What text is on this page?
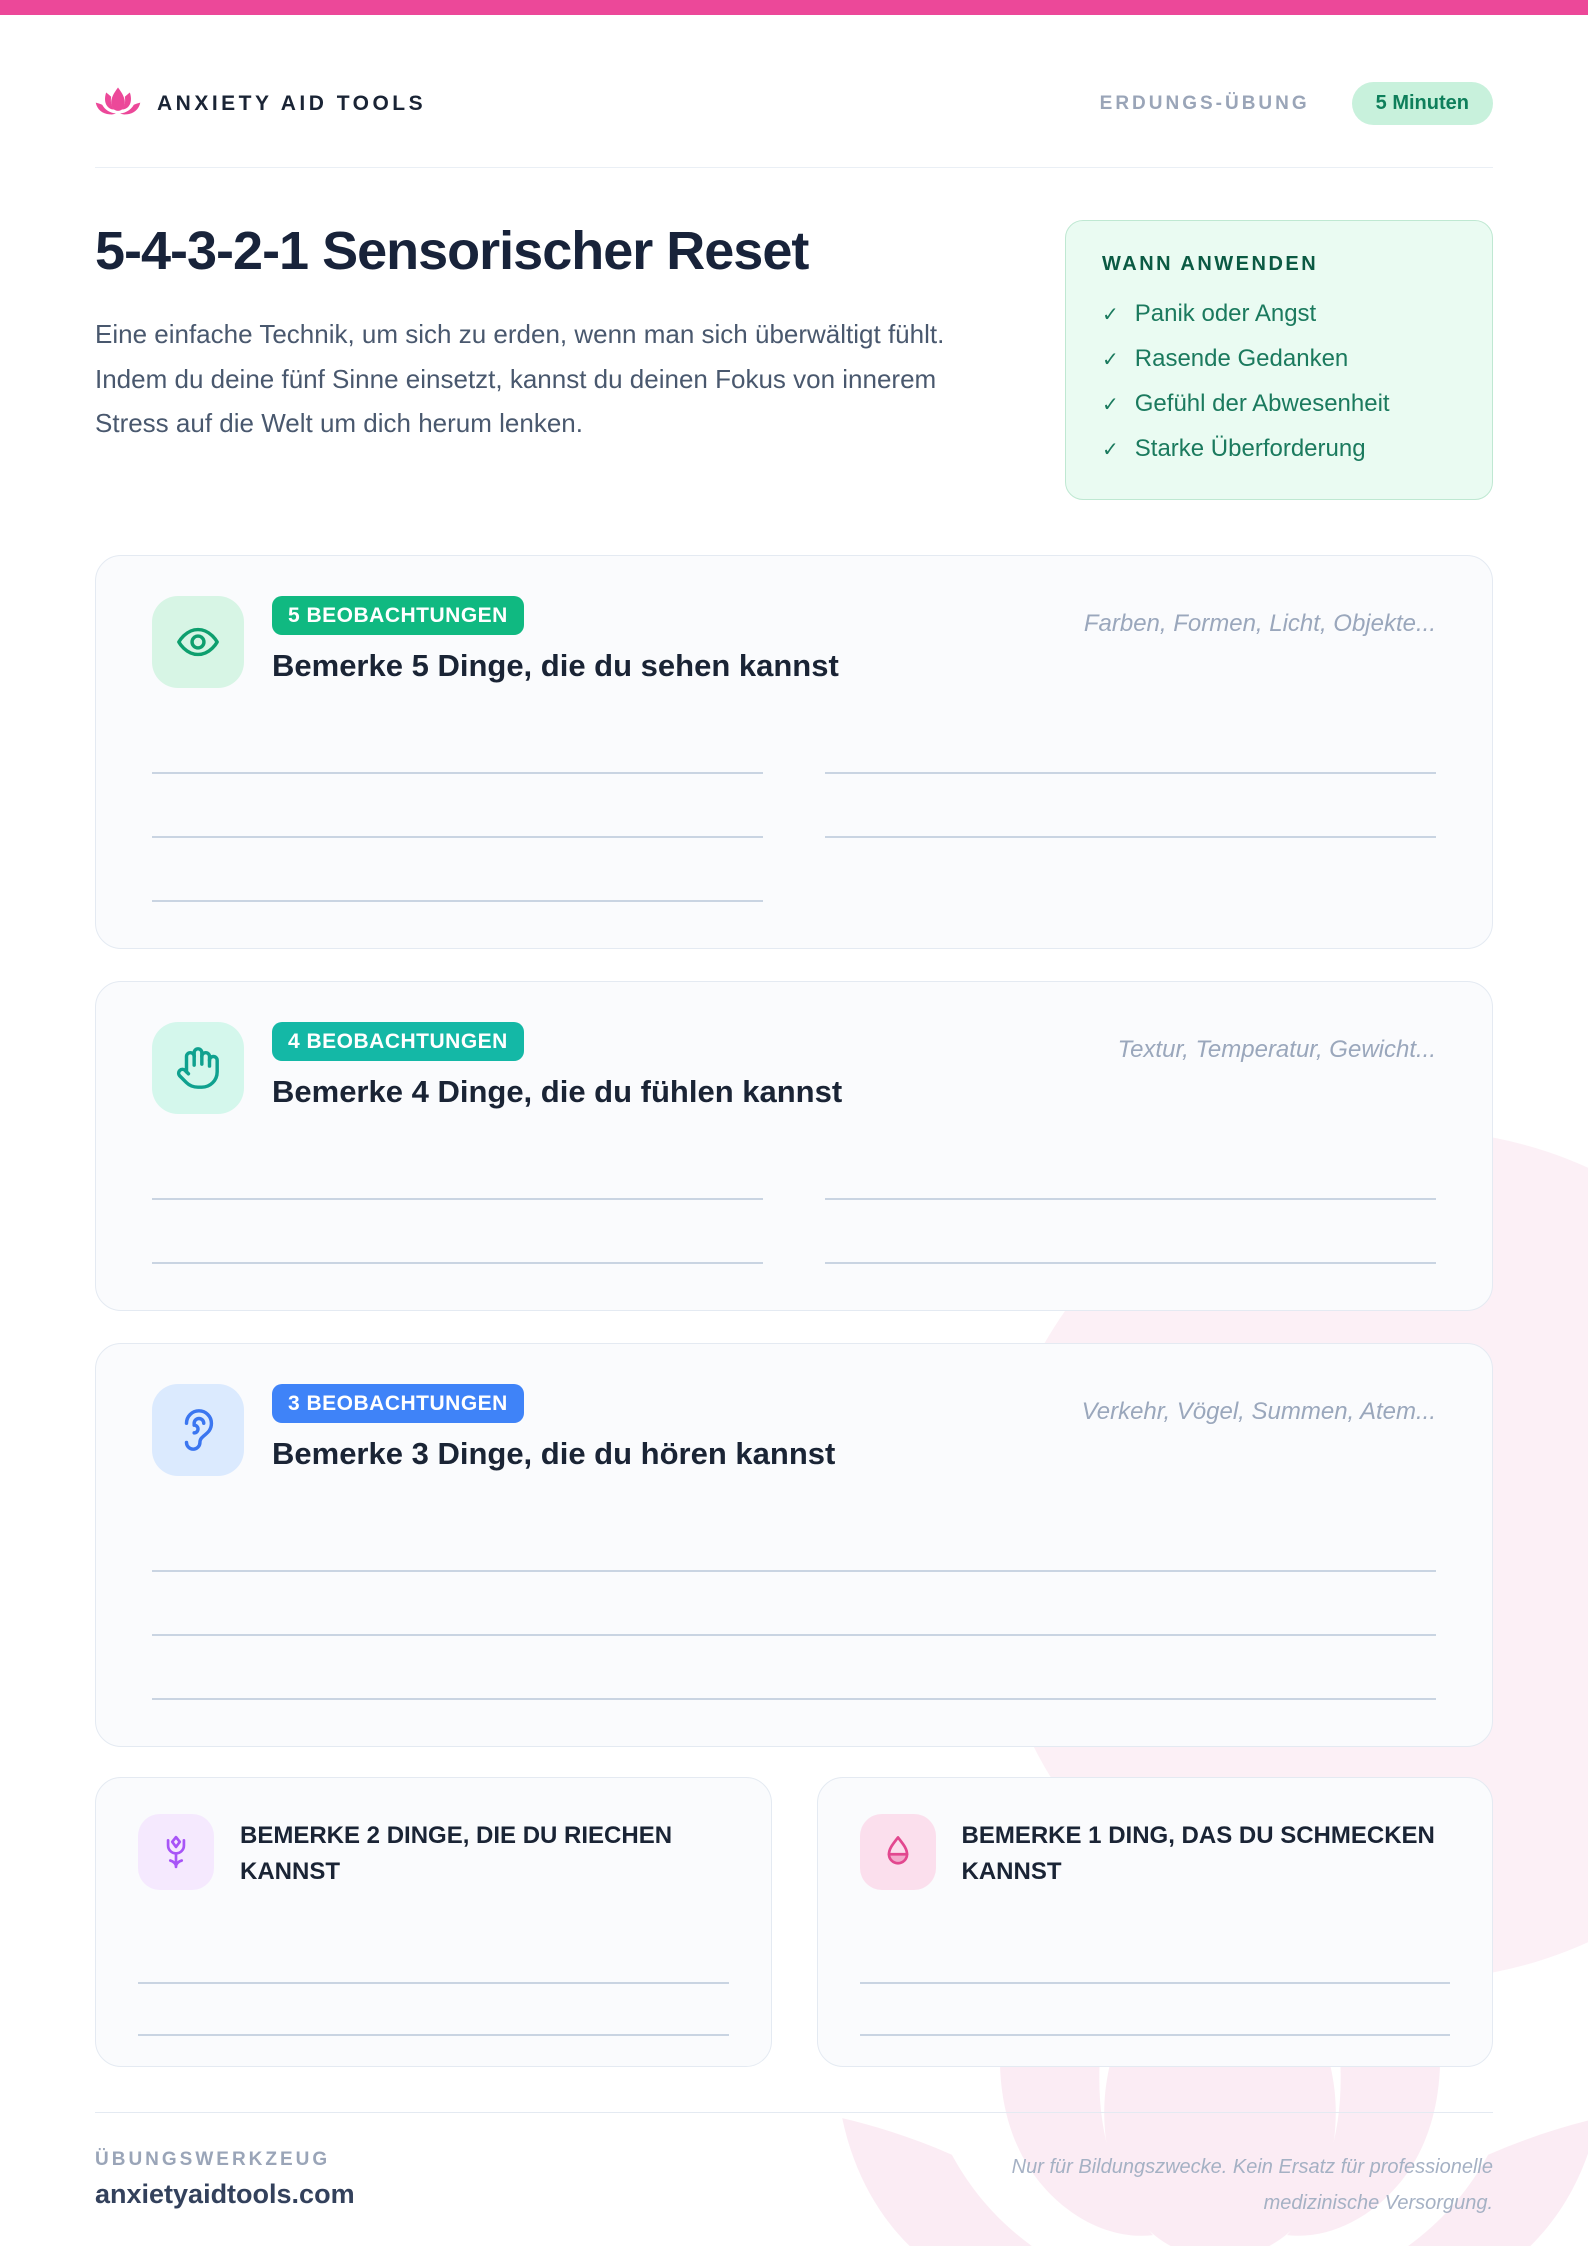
ANXIETY AID TOOLS	ERDUNGS-ÜBUNG	5 Minuten
5-4-3-2-1 Sensorischer Reset

Eine einfache Technik, um sich zu erden, wenn man sich überwältigt fühlt. Indem du deine fünf Sinne einsetzt, kannst du deinen Fokus von innerem Stress auf die Welt um dich herum lenken.

WANN ANWENDEN
✓ Panik oder Angst
✓ Rasende Gedanken
✓ Gefühl der Abwesenheit
✓ Starke Überforderung
5 BEOBACHTUNGEN
Bemerke 5 Dinge, die du sehen kannst
Farben, Formen, Licht, Objekte...
4 BEOBACHTUNGEN
Bemerke 4 Dinge, die du fühlen kannst
Textur, Temperatur, Gewicht...
3 BEOBACHTUNGEN
Bemerke 3 Dinge, die du hören kannst
Verkehr, Vögel, Summen, Atem...
BEMERKE 2 DINGE, DIE DU RIECHEN KANNST
BEMERKE 1 DING, DAS DU SCHMECKEN KANNST
ÜBUNGSWERKZEUG
anxietyaidtools.com
Nur für Bildungszwecke. Kein Ersatz für professionelle medizinische Versorgung.
